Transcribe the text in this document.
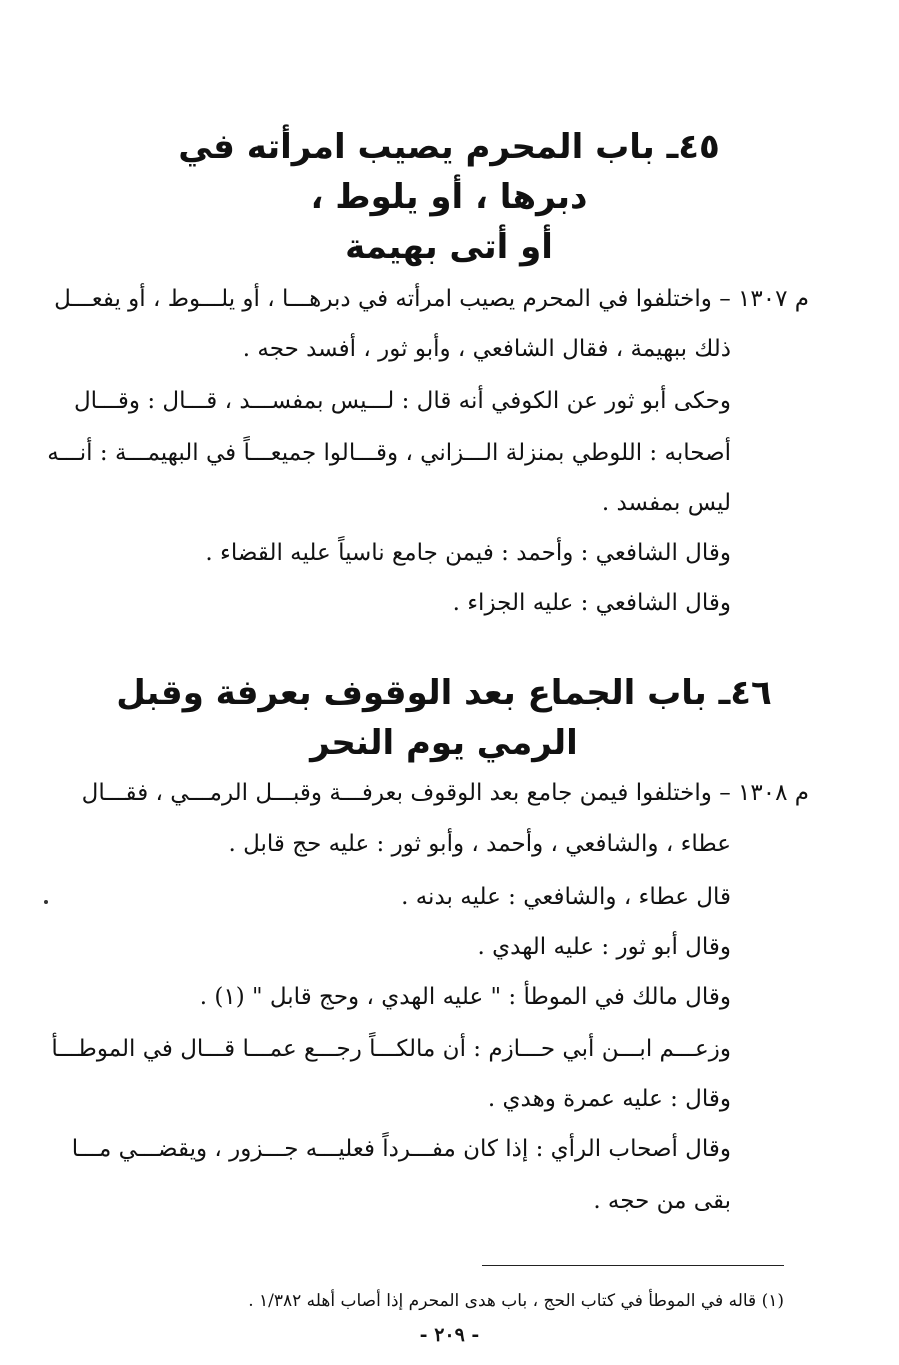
٤٥ـ باب المحرم يصيب امرأته في دبرها ، أو يلوط ،
أو أتى بهيمة
م ١٣٠٧ – واختلفوا في المحرم يصيب امرأته في دبرهـــا ، أو يلـــوط ، أو يفعـــل
ذلك ببهيمة ، فقال الشافعي ، وأبو ثور ، أفسد حجه .
وحكى أبو ثور عن الكوفي أنه قال : لـــيس بمفســـد ، قـــال : وقـــال
أصحابه : اللوطي بمنزلة الـــزاني ، وقـــالوا جميعـــاً في البهيمـــة : أنـــه
ليس بمفسد .
وقال الشافعي : وأحمد : فيمن جامع ناسياً عليه القضاء .
وقال الشافعي : عليه الجزاء .
٤٦ـ باب الجماع بعد الوقوف بعرفة وقبل الرمي يوم النحر
م ١٣٠٨ – واختلفوا فيمن جامع بعد الوقوف بعرفـــة وقبـــل الرمـــي ، فقـــال
عطاء ، والشافعي ، وأحمد ، وأبو ثور : عليه حج قابل .
قال عطاء ، والشافعي : عليه بدنه .
وقال أبو ثور : عليه الهدي .
وقال مالك في الموطأ : " عليه الهدي ، وحج قابل " (١) .
وزعـــم ابـــن أبي حـــازم : أن مالكـــاً رجـــع عمـــا قـــال في الموطـــأ
وقال : عليه عمرة وهدي .
وقال أصحاب الرأي : إذا كان مفـــرداً فعليـــه جـــزور ، ويقضـــي مـــا
بقى من حجه .
(١) قاله في الموطأ في كتاب الحج ، باب هدى المحرم إذا أصاب أهله ١/٣٨٢ .
- ٢٠٩ -
